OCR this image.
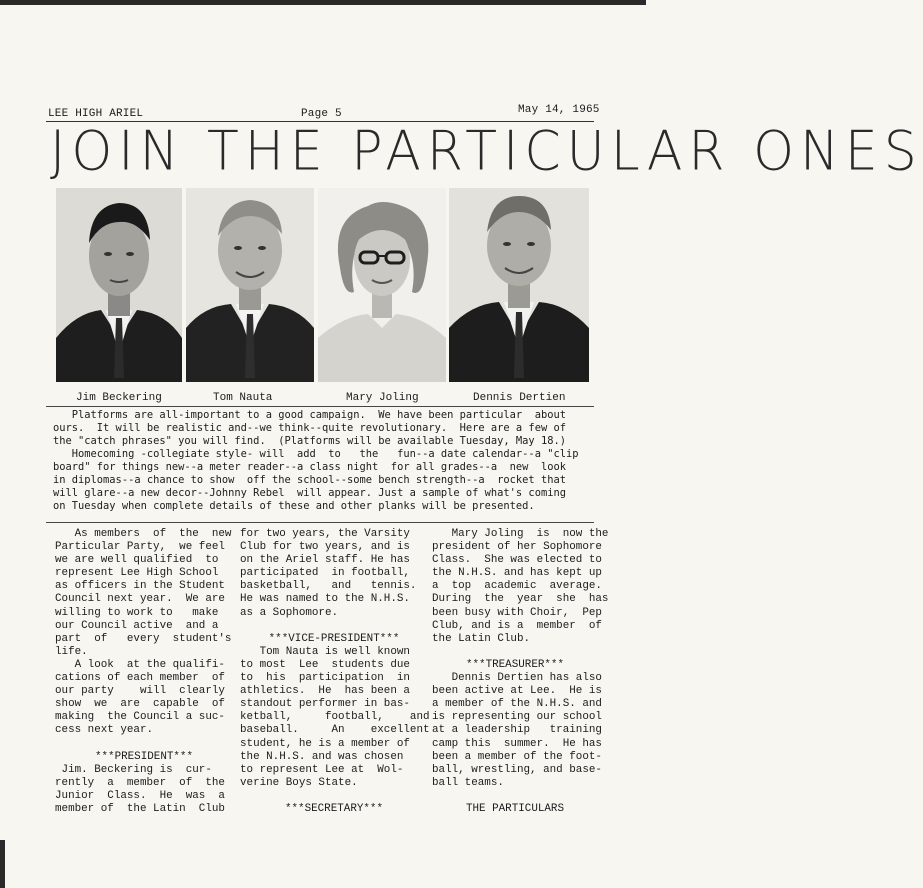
LEE HIGH ARIEL	Page 5	May 14, 1965
JOIN THE PARTICULAR ONES
Jim Beckering	Tom Nauta	Mary Joling	Dennis Dertien
Platforms are all-important to a good campaign.  We have been particular  about
ours.  It will be realistic and--we think--quite revolutionary.  Here are a few of
the "catch phrases" you will find.  (Platforms will be available Tuesday, May 18.)
Homecoming -collegiate style- will  add  to   the   fun--a date calendar--a "clip
board" for things new--a meter reader--a class night  for all grades--a  new  look
in diplomas--a chance to show  off the school--some bench strength--a  rocket that
will glare--a new decor--Johnny Rebel  will appear. Just a sample of what's coming
on Tuesday when complete details of these and other planks will be presented.

As members  of  the  new
Particular Party,  we feel
we are well qualified  to
represent Lee High School
as officers in the Student
Council next year.  We are
willing to work to   make
our Council active  and a
part  of   every  student's
life.
A look  at the qualifi-
cations of each member  of
our party    will  clearly
show  we  are  capable  of
making  the Council a suc-
cess next year.

***PRESIDENT***

Jim. Beckering is  cur-
rently  a  member  of  the
Junior  Class.  He  was  a
member of  the Latin  Club

for two years, the Varsity
Club for two years, and is
on the Ariel staff. He has
participated  in football,
basketball,   and   tennis.
He was named to the N.H.S.
as a Sophomore.

***VICE-PRESIDENT***

Tom Nauta is well known
to most  Lee  students due
to  his  participation  in
athletics.  He  has been a
standout performer in bas-
ketball,     football,    and
baseball.     An    excellent
student, he is a member of
the N.H.S. and was chosen
to represent Lee at  Wol-
verine Boys State.

***SECRETARY***

Mary Joling  is  now the
president of her Sophomore
Class.  She was elected to
the N.H.S. and has kept up
a  top  academic  average.
During  the  year  she  has
been busy with Choir,  Pep
Club, and is a  member  of
the Latin Club.

***TREASURER***

Dennis Dertien has also
been active at Lee.  He is
a member of the N.H.S. and
is representing our school
at a leadership   training
camp this  summer.  He has
been a member of the foot-
ball, wrestling, and base-
ball teams.

THE PARTICULARS
